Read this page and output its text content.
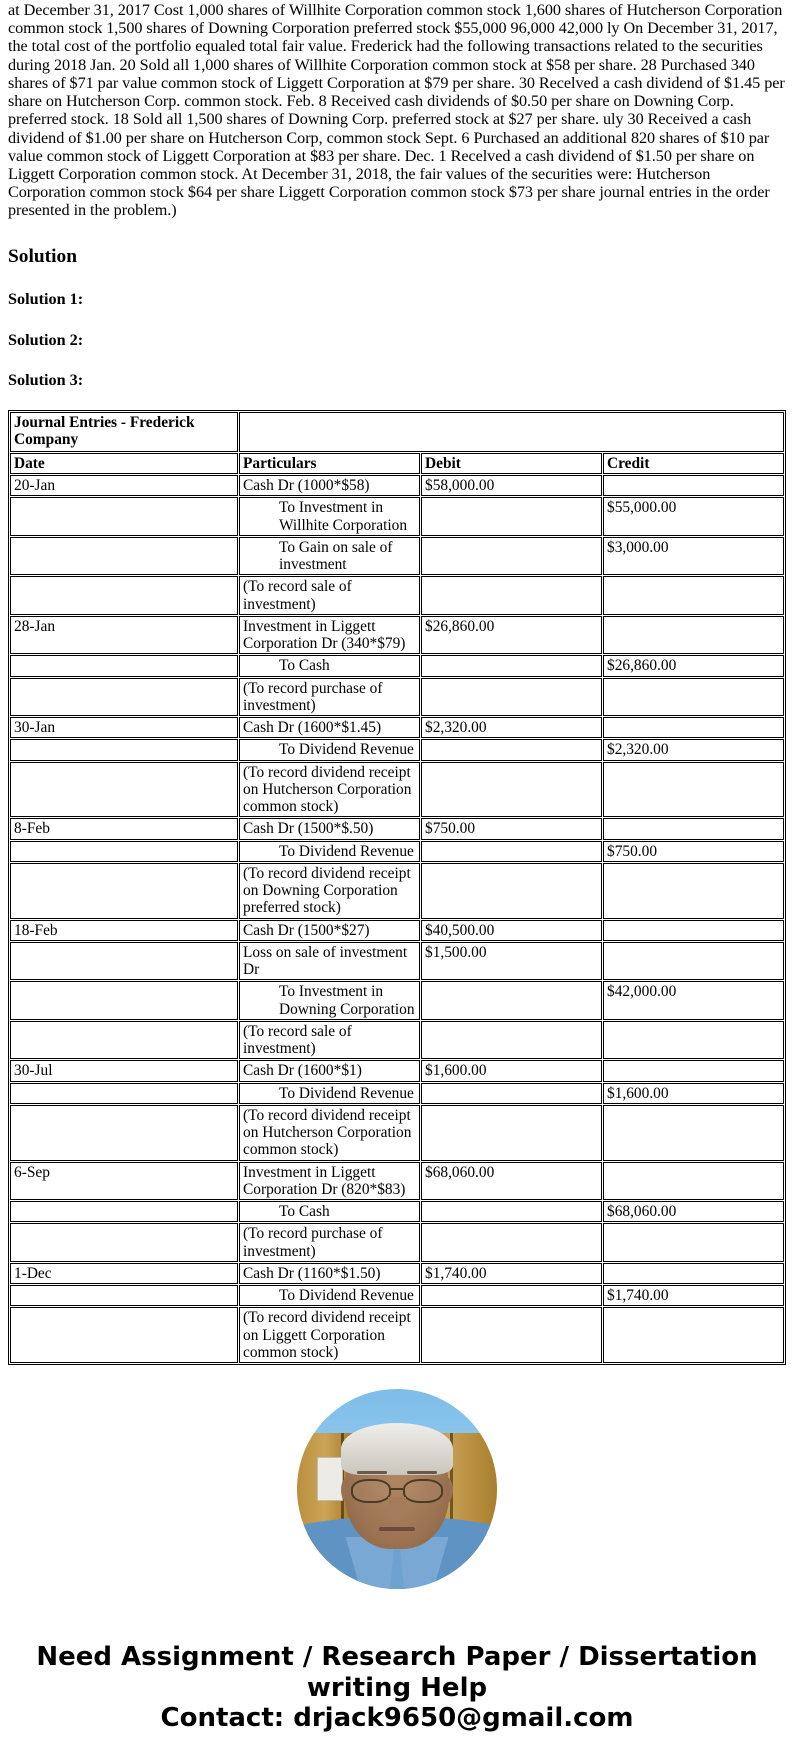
at December 31, 2017 Cost 1,000 shares of Willhite Corporation common stock 1,600 shares of Hutcherson Corporation common stock 1,500 shares of Downing Corporation preferred stock $55,000 96,000 42,000 ly On December 31, 2017, the total cost of the portfolio equaled total fair value. Frederick had the following transactions related to the securities during 2018 Jan. 20 Sold all 1,000 shares of Willhite Corporation common stock at $58 per share. 28 Purchased 340 shares of $71 par value common stock of Liggett Corporation at $79 per share. 30 Recelved a cash dividend of $1.45 per share on Hutcherson Corp. common stock. Feb. 8 Received cash dividends of $0.50 per share on Downing Corp. preferred stock. 18 Sold all 1,500 shares of Downing Corp. preferred stock at $27 per share. uly 30 Received a cash dividend of $1.00 per share on Hutcherson Corp, common stock Sept. 6 Purchased an additional 820 shares of $10 par value common stock of Liggett Corporation at $83 per share. Dec. 1 Recelved a cash dividend of $1.50 per share on Liggett Corporation common stock. At December 31, 2018, the fair values of the securities were: Hutcherson Corporation common stock $64 per share Liggett Corporation common stock $73 per share journal entries in the order presented in the problem.)

Solution
Solution 1:
Solution 2:
Solution 3:
Journal Entries - Frederick Company			
Date	Particulars	Debit	Credit
20-Jan	Cash Dr (1000*$58)	$58,000.00	

	To Investment in Willhite Corporation		$55,000.00

	To Gain on sale of investment		$3,000.00
	(To record sale of investment)		
28-Jan	Investment in Liggett Corporation Dr (340*$79)	$26,860.00	

	To Cash		$26,860.00
	(To record purchase of investment)		
30-Jan	Cash Dr (1600*$1.45)	$2,320.00	

	To Dividend Revenue		$2,320.00
	(To record dividend receipt on Hutcherson Corporation common stock)		
8-Feb	Cash Dr (1500*$.50)	$750.00	

	To Dividend Revenue		$750.00
	(To record dividend receipt on Downing Corporation preferred stock)		
18-Feb	Cash Dr (1500*$27)	$40,500.00	
	Loss on sale of investment Dr	$1,500.00	

	To Investment in Downing Corporation		$42,000.00
	(To record sale of investment)		
30-Jul	Cash Dr (1600*$1)	$1,600.00	

	To Dividend Revenue		$1,600.00
	(To record dividend receipt on Hutcherson Corporation common stock)		
6-Sep	Investment in Liggett Corporation Dr (820*$83)	$68,060.00	

	To Cash		$68,060.00
	(To record purchase of investment)		
1-Dec	Cash Dr (1160*$1.50)	$1,740.00	

	To Dividend Revenue		$1,740.00
	(To record dividend receipt on Liggett Corporation common stock)		
Need Assignment / Research Paper / Dissertation
writing Help
Contact: drjack9650@gmail.com
